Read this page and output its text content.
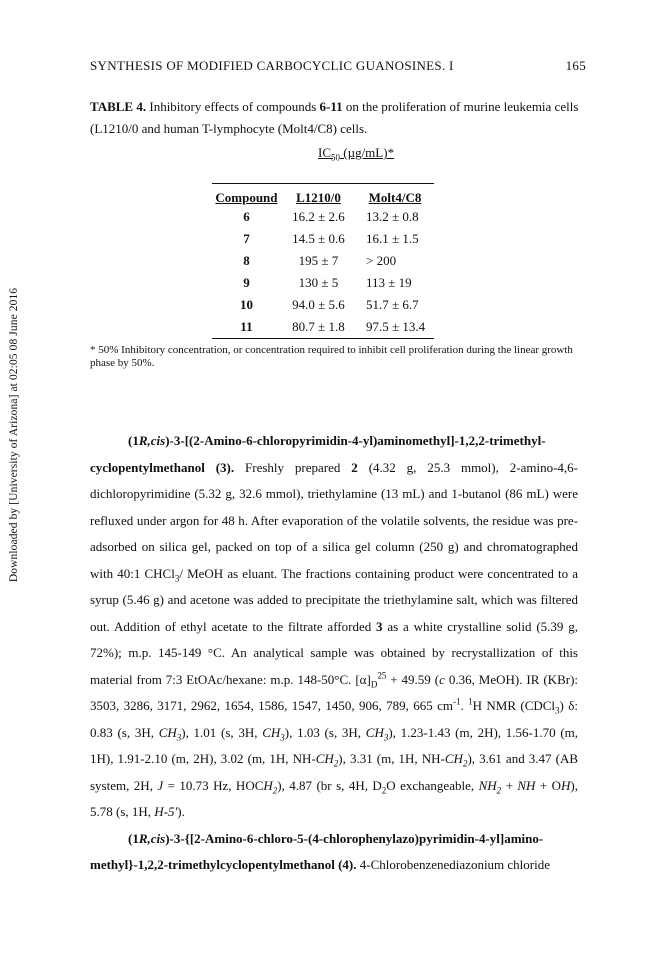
Downloaded by [University of Arizona] at 02:05 08 June 2016
SYNTHESIS OF MODIFIED CARBOCYCLIC GUANOSINES. I	165
TABLE 4. Inhibitory effects of compounds 6-11 on the proliferation of murine leukemia cells (L1210/0 and human T-lymphocyte (Molt4/C8) cells.
$IC_{50}$ (µg/mL)*
Compound	L1210/0	Molt4/C8
6	16.2 ± 2.6	13.2 ± 0.8
7	14.5 ± 0.6	16.1 ± 1.5
8	195 ± 7	> 200
9	130 ± 5	113 ± 19
10	94.0 ± 5.6	51.7 ± 6.7
11	80.7 ± 1.8	97.5 ± 13.4
* 50% Inhibitory concentration, or concentration required to inhibit cell proliferation during the linear growth phase by 50%.

(1R,cis)-3-[(2-Amino-6-chloropyrimidin-4-yl)aminomethyl]-1,2,2-trimethyl-cyclopentylmethanol (3). Freshly prepared 2 (4.32 g, 25.3 mmol), 2-amino-4,6-dichloropyrimidine (5.32 g, 32.6 mmol), triethylamine (13 mL) and 1-butanol (86 mL) were refluxed under argon for 48 h. After evaporation of the volatile solvents, the residue was pre-adsorbed on silica gel, packed on top of a silica gel column (250 g) and chromatographed with 40:1 CHCl$_3$/ MeOH as eluant. The fractions containing product were concentrated to a syrup (5.46 g) and acetone was added to precipitate the triethylamine salt, which was filtered out. Addition of ethyl acetate to the filtrate afforded 3 as a white crystalline solid (5.39 g, 72%); m.p. 145-149 °C. An analytical sample was obtained by recrystallization of this material from 7:3 EtOAc/hexane: m.p. 148-50°C. $[\alpha]_D^{25} + 49.59$ (c 0.36, MeOH). IR (KBr): 3503, 3286, 3171, 2962, 1654, 1586, 1547, 1450, 906, 789, 665 $cm^{-1}$. $^1$H NMR (CDCl$_3$) δ: 0.83 (s, 3H, $CH_3$), 1.01 (s, 3H, $CH_3$), 1.03 (s, 3H, $CH_3$), 1.23-1.43 (m, 2H), 1.56-1.70 (m, 1H), 1.91-2.10 (m, 2H), 3.02 (m, 1H, $NH-CH_2$), 3.31 (m, 1H, $NH-CH_2$), 3.61 and 3.47 (AB system, 2H, J = 10.73 Hz, $HOCH_2$), 4.87 (br s, 4H, $D_2O$ exchangeable, $NH_2$ + NH + OH), 5.78 (s, 1H, H-5').

(1R,cis)-3-{[2-Amino-6-chloro-5-(4-chlorophenylazo)pyrimidin-4-yl]amino-methyl}-1,2,2-trimethylcyclopentylmethanol (4). 4-Chlorobenzenediazonium chloride
